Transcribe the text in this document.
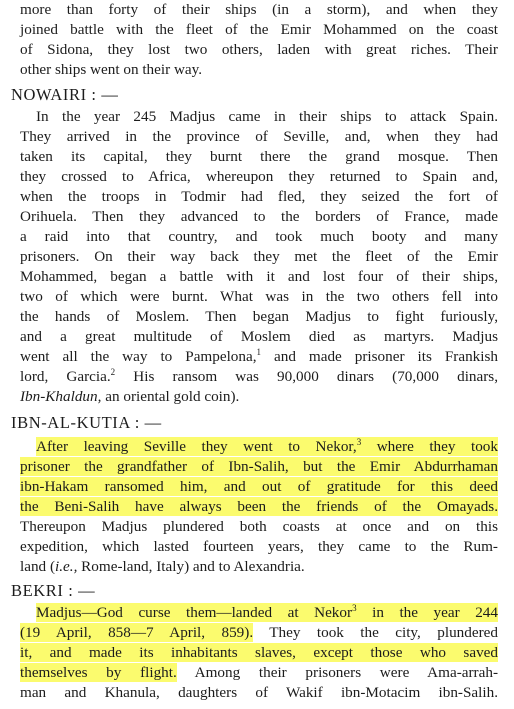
more than forty of their ships (in a storm), and when they
joined battle with the fleet of the Emir Mohammed on the coast
of Sidona, they lost two others, laden with great riches. Their
other ships went on their way.
NOWAIRI : —
In the year 245 Madjus came in their ships to attack Spain.
They arrived in the province of Seville, and, when they had
taken its capital, they burnt there the grand mosque. Then
they crossed to Africa, whereupon they returned to Spain and,
when the troops in Todmir had fled, they seized the fort of
Orihuela. Then they advanced to the borders of France, made
a raid into that country, and took much booty and many
prisoners. On their way back they met the fleet of the Emir
Mohammed, began a battle with it and lost four of their ships,
two of which were burnt. What was in the two others fell into
the hands of Moslem. Then began Madjus to fight furiously,
and a great multitude of Moslem died as martyrs. Madjus
went all the way to Pampelona,$^1$ and made prisoner its Frankish
lord, Garcia.$^2$ His ransom was 90,000 dinars (70,000 dinars,
Ibn-Khaldun, an oriental gold coin).
IBN-AL-KUTIA : —
After leaving Seville they went to Nekor,$^3$ where they took
prisoner the grandfather of Ibn-Salih, but the Emir Abdurrhaman
ibn-Hakam ransomed him, and out of gratitude for this deed
the Beni-Salih have always been the friends of the Omayads.
Thereupon Madjus plundered both coasts at once and on this
expedition, which lasted fourteen years, they came to the Rum-
land (i.e., Rome-land, Italy) and to Alexandria.
BEKRI : —
Madjus—God curse them—landed at Nekor$^3$ in the year 244
(19 April, 858—7 April, 859). They took the city, plundered
it, and made its inhabitants slaves, except those who saved
themselves by flight. Among their prisoners were Ama-arrah-
man and Khanula, daughters of Wakif ibn-Motacim ibn-Salih.
